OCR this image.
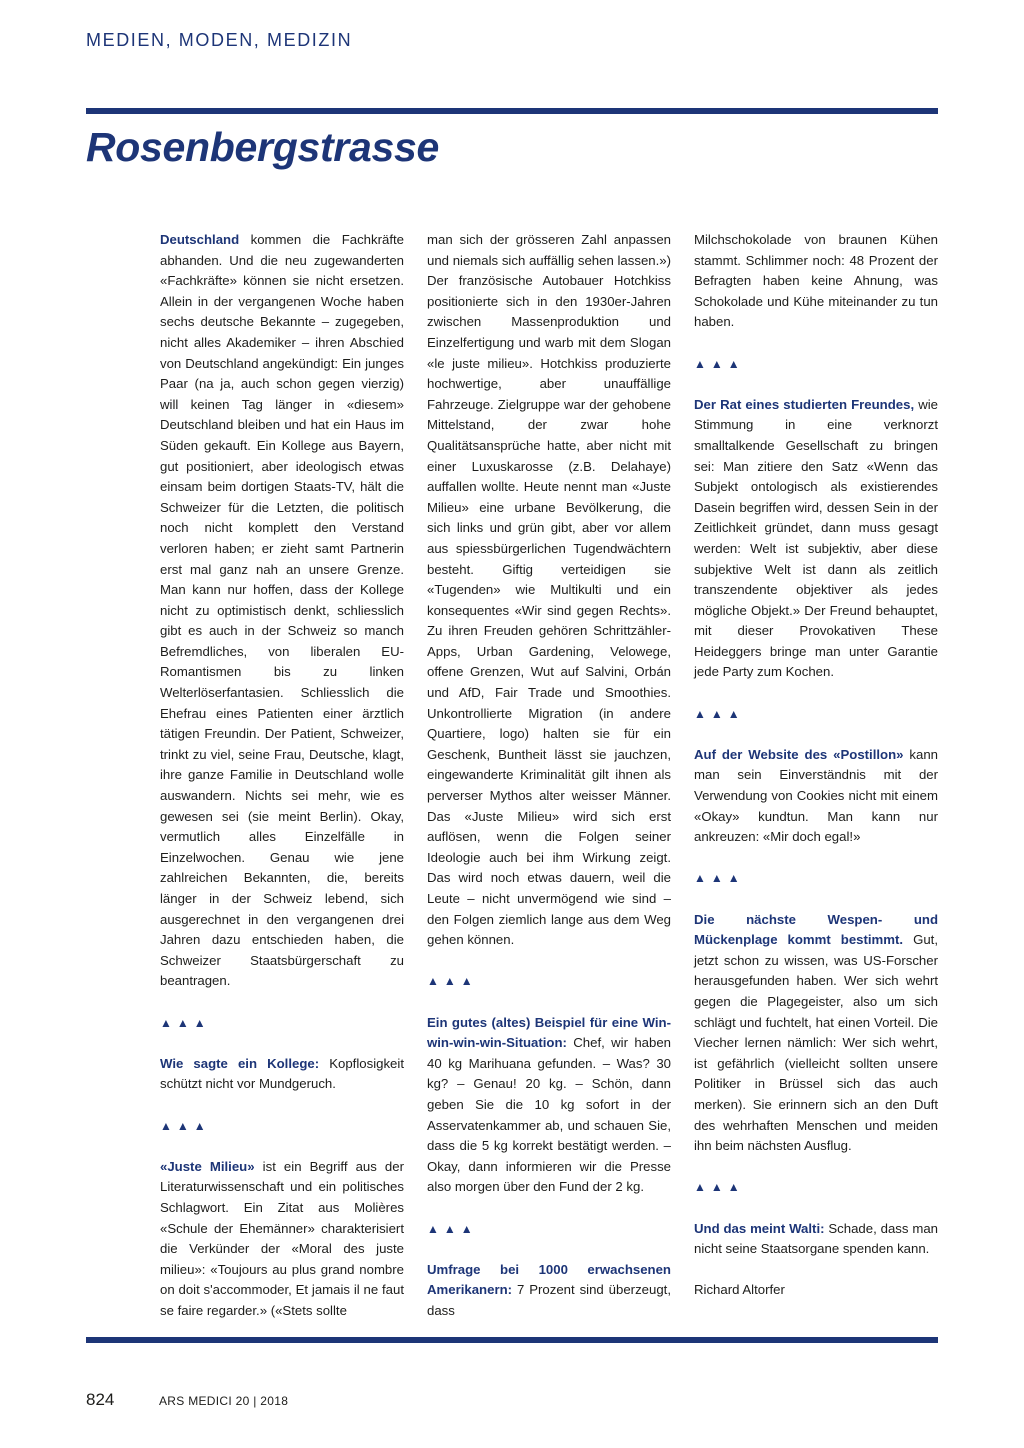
MEDIEN, MODEN, MEDIZIN
Rosenbergstrasse

Deutschland kommen die Fachkräfte abhanden. Und die neu zugewanderten «Fachkräfte» können sie nicht ersetzen. Allein in der vergangenen Woche haben sechs deutsche Bekannte – zugegeben, nicht alles Akademiker – ihren Abschied von Deutschland angekündigt: Ein junges Paar (na ja, auch schon gegen vierzig) will keinen Tag länger in «diesem» Deutschland bleiben und hat ein Haus im Süden gekauft. Ein Kollege aus Bayern, gut positioniert, aber ideologisch etwas einsam beim dortigen Staats-TV, hält die Schweizer für die Letzten, die politisch noch nicht komplett den Verstand verloren haben; er zieht samt Partnerin erst mal ganz nah an unsere Grenze. Man kann nur hoffen, dass der Kollege nicht zu optimistisch denkt, schliesslich gibt es auch in der Schweiz so manch Befremdliches, von liberalen EU-Romantismen bis zu linken Welterlöserfantasien. Schliesslich die Ehefrau eines Patienten einer ärztlich tätigen Freundin. Der Patient, Schweizer, trinkt zu viel, seine Frau, Deutsche, klagt, ihre ganze Familie in Deutschland wolle auswandern. Nichts sei mehr, wie es gewesen sei (sie meint Berlin). Okay, vermutlich alles Einzelfälle in Einzelwochen. Genau wie jene zahlreichen Bekannten, die, bereits länger in der Schweiz lebend, sich ausgerechnet in den vergangenen drei Jahren dazu entschieden haben, die Schweizer Staatsbürgerschaft zu beantragen.

▲▲▲

Wie sagte ein Kollege: Kopflosigkeit schützt nicht vor Mundgeruch.

▲▲▲

«Juste Milieu» ist ein Begriff aus der Literaturwissenschaft und ein politisches Schlagwort. Ein Zitat aus Molières «Schule der Ehemänner» charakterisiert die Verkünder der «Moral des juste milieu»: «Toujours au plus grand nombre on doit s'accommoder, Et jamais il ne faut se faire regarder.» («Stets sollte

man sich der grösseren Zahl anpassen und niemals sich auffällig sehen lassen.») Der französische Autobauer Hotchkiss positionierte sich in den 1930er-Jahren zwischen Massenproduktion und Einzelfertigung und warb mit dem Slogan «le juste milieu». Hotchkiss produzierte hochwertige, aber unauffällige Fahrzeuge. Zielgruppe war der gehobene Mittelstand, der zwar hohe Qualitätsansprüche hatte, aber nicht mit einer Luxuskarosse (z.B. Delahaye) auffallen wollte. Heute nennt man «Juste Milieu» eine urbane Bevölkerung, die sich links und grün gibt, aber vor allem aus spiessbürgerlichen Tugendwächtern besteht. Giftig verteidigen sie «Tugenden» wie Multikulti und ein konsequentes «Wir sind gegen Rechts». Zu ihren Freuden gehören Schrittzähler-Apps, Urban Gardening, Velowege, offene Grenzen, Wut auf Salvini, Orbán und AfD, Fair Trade und Smoothies. Unkontrollierte Migration (in andere Quartiere, logo) halten sie für ein Geschenk, Buntheit lässt sie jauchzen, eingewanderte Kriminalität gilt ihnen als perverser Mythos alter weisser Männer. Das «Juste Milieu» wird sich erst auflösen, wenn die Folgen seiner Ideologie auch bei ihm Wirkung zeigt. Das wird noch etwas dauern, weil die Leute – nicht unvermögend wie sind – den Folgen ziemlich lange aus dem Weg gehen können.

▲▲▲

Ein gutes (altes) Beispiel für eine Win-win-win-win-Situation: Chef, wir haben 40 kg Marihuana gefunden. – Was? 30 kg? – Genau! 20 kg. – Schön, dann geben Sie die 10 kg sofort in der Asservatenkammer ab, und schauen Sie, dass die 5 kg korrekt bestätigt werden. – Okay, dann informieren wir die Presse also morgen über den Fund der 2 kg.

▲▲▲

Umfrage bei 1000 erwachsenen Amerikanern: 7 Prozent sind überzeugt, dass

Milchschokolade von braunen Kühen stammt. Schlimmer noch: 48 Prozent der Befragten haben keine Ahnung, was Schokolade und Kühe miteinander zu tun haben.

▲▲▲

Der Rat eines studierten Freundes, wie Stimmung in eine verknorzt smalltalkende Gesellschaft zu bringen sei: Man zitiere den Satz «Wenn das Subjekt ontologisch als existierendes Dasein begriffen wird, dessen Sein in der Zeitlichkeit gründet, dann muss gesagt werden: Welt ist subjektiv, aber diese subjektive Welt ist dann als zeitlich transzendente objektiver als jedes mögliche Objekt.» Der Freund behauptet, mit dieser Provokativen These Heideggers bringe man unter Garantie jede Party zum Kochen.

▲▲▲

Auf der Website des «Postillon» kann man sein Einverständnis mit der Verwendung von Cookies nicht mit einem «Okay» kundtun. Man kann nur ankreuzen: «Mir doch egal!»

▲▲▲

Die nächste Wespen- und Mückenplage kommt bestimmt. Gut, jetzt schon zu wissen, was US-Forscher herausgefunden haben. Wer sich wehrt gegen die Plagegeister, also um sich schlägt und fuchtelt, hat einen Vorteil. Die Viecher lernen nämlich: Wer sich wehrt, ist gefährlich (vielleicht sollten unsere Politiker in Brüssel sich das auch merken). Sie erinnern sich an den Duft des wehrhaften Menschen und meiden ihn beim nächsten Ausflug.

▲▲▲

Und das meint Walti: Schade, dass man nicht seine Staatsorgane spenden kann.

Richard Altorfer

824	ARS MEDICI 20 | 2018
